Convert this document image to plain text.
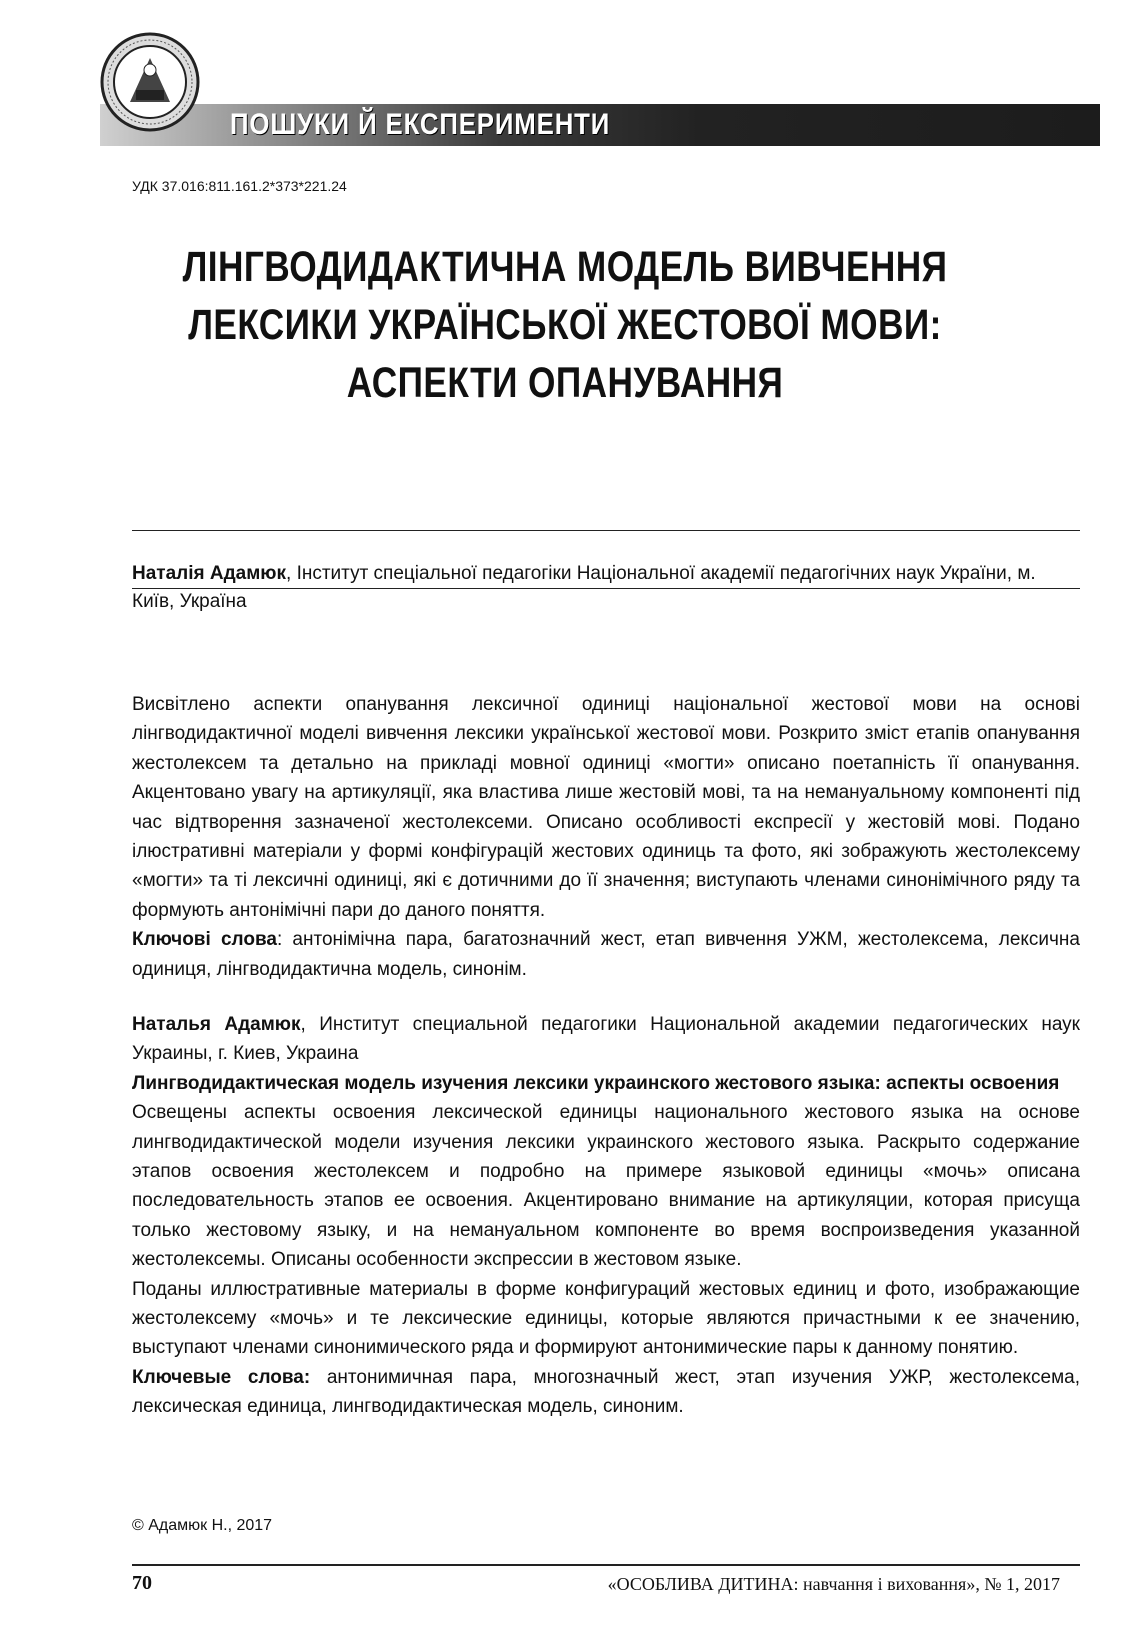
ПОШУКИ Й ЕКСПЕРИМЕНТИ
УДК 37.016:811.161.2*373*221.24
ЛІНГВОДИДАКТИЧНА МОДЕЛЬ ВИВЧЕННЯ
ЛЕКСИКИ УКРАЇНСЬКОЇ ЖЕСТОВОЇ МОВИ:
АСПЕКТИ ОПАНУВАННЯ
Наталія Адамюк, Інститут спеціальної педагогіки Національної академії педагогічних наук України, м. Київ, Україна

Висвітлено аспекти опанування лексичної одиниці національної жестової мови на основі лінгводидактичної моделі вивчення лексики української жестової мови. Розкрито зміст етапів опанування жестолексем та детально на прикладі мовної одиниці «могти» описано поетапність її опанування. Акцентовано увагу на артикуляції, яка властива лише жестовій мові, та на немануальному компоненті під час відтворення зазначеної жестолексеми. Описано особливості експресії у жестовій мові. Подано ілюстративні матеріали у формі конфігурацій жестових одиниць та фото, які зображують жестолексему «могти» та ті лексичні одиниці, які є дотичними до її значення; виступають членами синонімічного ряду та формують антонімічні пари до даного поняття.

Ключові слова: антонімічна пара, багатозначний жест, етап вивчення УЖМ, жестолексема, лексична одиниця, лінгводидактична модель, синонім.

Наталья Адамюк, Институт специальной педагогики Национальной академии педагогических наук Украины, г. Киев, Украина

Лингводидактическая модель изучения лексики украинского жестового языка: аспекты освоения

Освещены аспекты освоения лексической единицы национального жестового языка на основе лингводидактической модели изучения лексики украинского жестового языка. Раскрыто содержание этапов освоения жестолексем и подробно на примере языковой единицы «мочь» описана последовательность этапов ее освоения. Акцентировано внимание на артикуляции, которая присуща только жестовому языку, и на немануальном компоненте во время воспроизведения указанной жестолексемы. Описаны особенности экспрессии в жестовом языке.

Поданы иллюстративные материалы в форме конфигураций жестовых единиц и фото, изображающие жестолексему «мочь» и те лексические единицы, которые являются причастными к ее значению, выступают членами синонимического ряда и формируют антонимические пары к данному понятию.

Ключевые слова: антонимичная пара, многозначный жест, этап изучения УЖР, жестолексема, лексическая единица, лингводидактическая модель, синоним.

© Адамюк Н., 2017
70	«ОСОБЛИВА ДИТИНА: навчання і виховання», № 1, 2017
